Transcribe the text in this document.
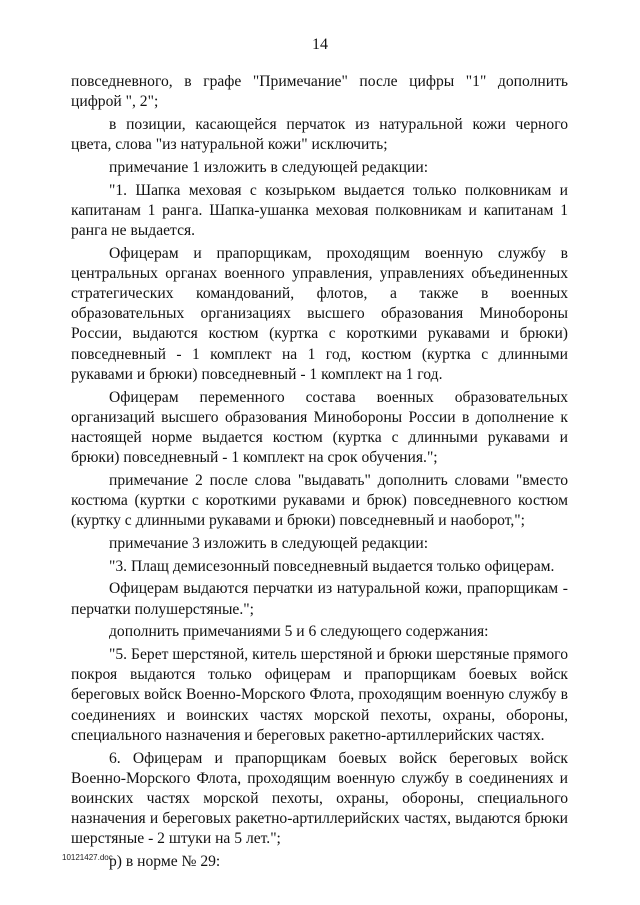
14

повседневного, в графе "Примечание" после цифры "1" дополнить цифрой ", 2";

в позиции, касающейся перчаток из натуральной кожи черного цвета, слова "из натуральной кожи" исключить;

примечание 1 изложить в следующей редакции:

"1. Шапка меховая с козырьком выдается только полковникам и капитанам 1 ранга. Шапка-ушанка меховая полковникам и капитанам 1 ранга не выдается.

Офицерам и прапорщикам, проходящим военную службу в центральных органах военного управления, управлениях объединенных стратегических командований, флотов, а также в военных образовательных организациях высшего образования Минобороны России, выдаются костюм (куртка с короткими рукавами и брюки) повседневный - 1 комплект на 1 год, костюм (куртка с длинными рукавами и брюки) повседневный - 1 комплект на 1 год.

Офицерам переменного состава военных образовательных организаций высшего образования Минобороны России в дополнение к настоящей норме выдается костюм (куртка с длинными рукавами и брюки) повседневный - 1 комплект на срок обучения.";

примечание 2 после слова "выдавать" дополнить словами "вместо костюма (куртки с короткими рукавами и брюк) повседневного костюм (куртку с длинными рукавами и брюки) повседневный и наоборот,";

примечание 3 изложить в следующей редакции:

"3. Плащ демисезонный повседневный выдается только офицерам.

Офицерам выдаются перчатки из натуральной кожи, прапорщикам - перчатки полушерстяные.";

дополнить примечаниями 5 и 6 следующего содержания:

"5. Берет шерстяной, китель шерстяной и брюки шерстяные прямого покроя выдаются только офицерам и прапорщикам боевых войск береговых войск Военно-Морского Флота, проходящим военную службу в соединениях и воинских частях морской пехоты, охраны, обороны, специального назначения и береговых ракетно-артиллерийских частях.

6. Офицерам и прапорщикам боевых войск береговых войск Военно-Морского Флота, проходящим военную службу в соединениях и воинских частях морской пехоты, охраны, обороны, специального назначения и береговых ракетно-артиллерийских частях, выдаются брюки шерстяные - 2 штуки на 5 лет.";

р) в норме № 29:

10121427.doc
